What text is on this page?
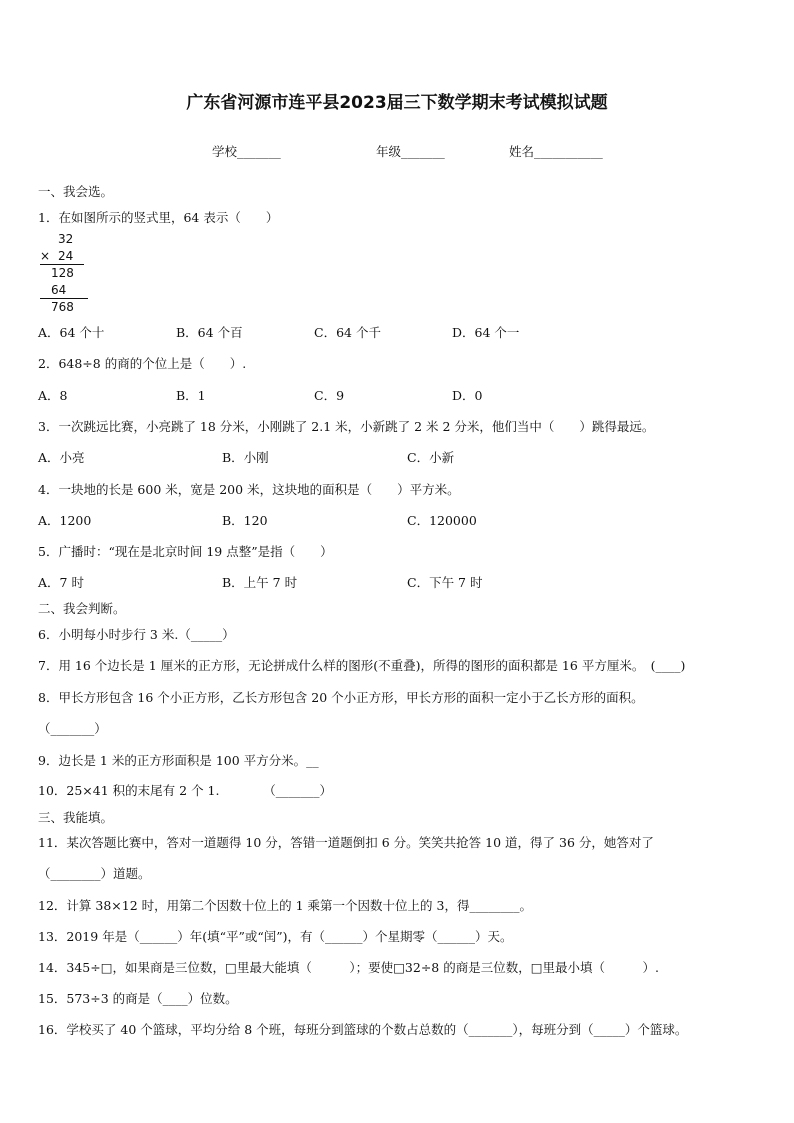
广东省河源市连平县2023届三下数学期末考试模拟试题
学校_______	年级_______	姓名___________
一、我会选。
1．在如图所示的竖式里，64 表示（　　）
32
× 24
128
64
768
A．64 个十	B．64 个百	C．64 个千	D．64 个一
2．648÷8 的商的个位上是（　　）.
A．8	B．1	C．9	D．0
3．一次跳远比赛，小亮跳了 18 分米，小刚跳了 2.1 米，小新跳了 2 米 2 分米，他们当中（　　）跳得最远。
A．小亮	B．小刚	C．小新
4．一块地的长是 600 米，宽是 200 米，这块地的面积是（　　）平方米。
A．1200	B．120	C．120000
5．广播时：“现在是北京时间 19 点整”是指（　　）
A．7 时	B．上午 7 时	C．下午 7 时
二、我会判断。
6．小明每小时步行 3 米.（_____）
7．用 16 个边长是 1 厘米的正方形，无论拼成什么样的图形(不重叠)，所得的图形的面积都是 16 平方厘米。　(____)
8．甲长方形包含 16 个小正方形，乙长方形包含 20 个小正方形，甲长方形的面积一定小于乙长方形的面积。
（_______）
9．边长是 1 米的正方形面积是 100 平方分米。__
10．25×41 积的末尾有 2 个 1.　　　　（_______）
三、我能填。
11．某次答题比赛中，答对一道题得 10 分，答错一道题倒扣 6 分。笑笑共抢答 10 道，得了 36 分，她答对了
（________）道题。
12．计算 38×12 时，用第二个因数十位上的 1 乘第一个因数十位上的 3，得________。
13．2019 年是（______）年(填“平”或“闰”)，有（______）个星期零（______）天。
14．345÷□，如果商是三位数，□里最大能填（　　　）；要使□32÷8 的商是三位数，□里最小填（　　　）.
15．573÷3 的商是（____）位数。
16．学校买了 40 个篮球，平均分给 8 个班，每班分到篮球的个数占总数的（_______），每班分到（_____）个篮球。
